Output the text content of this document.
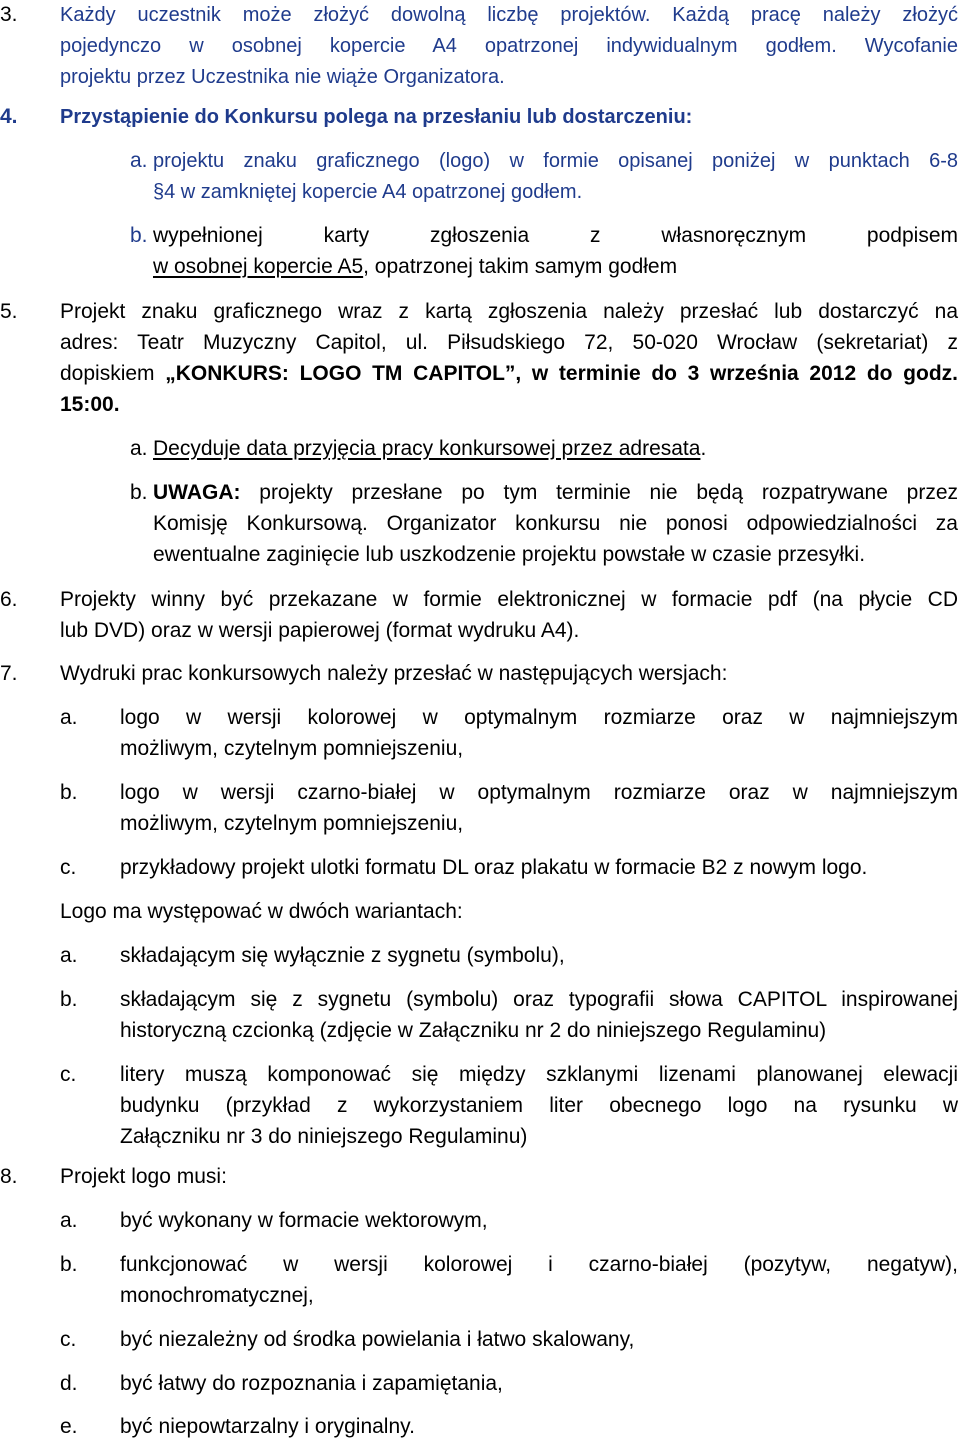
3. Każdy uczestnik może złożyć dowolną liczbę projektów. Każdą pracę należy złożyć
pojedynczo w osobnej kopercie A4 opatrzonej indywidualnym godłem. Wycofanie
projektu przez Uczestnika nie wiąże Organizatora.
4. Przystąpienie do Konkursu polega na przesłaniu lub dostarczeniu:
a. projektu znaku graficznego (logo) w formie opisanej poniżej w punktach 6-8
§4 w zamkniętej kopercie A4 opatrzonej godłem.
b. wypełnionej karty zgłoszenia z własnoręcznym podpisem
w osobnej kopercie A5, opatrzonej takim samym godłem
5. Projekt znaku graficznego wraz z kartą zgłoszenia należy przesłać lub dostarczyć na
adres: Teatr Muzyczny Capitol, ul. Piłsudskiego 72, 50-020 Wrocław (sekretariat) z
dopiskiem „KONKURS: LOGO TM CAPITOL”, w terminie do 3 września 2012 do godz.
15:00.
a. Decyduje data przyjęcia pracy konkursowej przez adresata.
b. UWAGA: projekty przesłane po tym terminie nie będą rozpatrywane przez
Komisję Konkursową. Organizator konkursu nie ponosi odpowiedzialności za
ewentualne zaginięcie lub uszkodzenie projektu powstałe w czasie przesyłki.
6. Projekty winny być przekazane w formie elektronicznej w formacie pdf (na płycie CD
lub DVD) oraz w wersji papierowej (format wydruku A4).
7. Wydruki prac konkursowych należy przesłać w następujących wersjach:
a. logo w wersji kolorowej w optymalnym rozmiarze oraz w najmniejszym
możliwym, czytelnym pomniejszeniu,
b. logo w wersji czarno-białej w optymalnym rozmiarze oraz w najmniejszym
możliwym, czytelnym pomniejszeniu,
c. przykładowy projekt ulotki formatu DL oraz plakatu w formacie B2 z nowym logo.
Logo ma występować w dwóch wariantach:
a. składającym się wyłącznie z sygnetu (symbolu),
b. składającym się z sygnetu (symbolu) oraz typografii słowa CAPITOL inspirowanej
historyczną czcionką (zdjęcie w Załączniku nr 2 do niniejszego Regulaminu)
c. litery muszą komponować się między szklanymi lizenami planowanej elewacji
budynku (przykład z wykorzystaniem liter obecnego logo na rysunku w
Załączniku nr 3 do niniejszego Regulaminu)
8. Projekt logo musi:
a. być wykonany w formacie wektorowym,
b. funkcjonować w wersji kolorowej i czarno-białej (pozytyw, negatyw),
monochromatycznej,
c. być niezależny od środka powielania i łatwo skalowany,
d. być łatwy do rozpoznania i zapamiętania,
e. być niepowtarzalny i oryginalny.
